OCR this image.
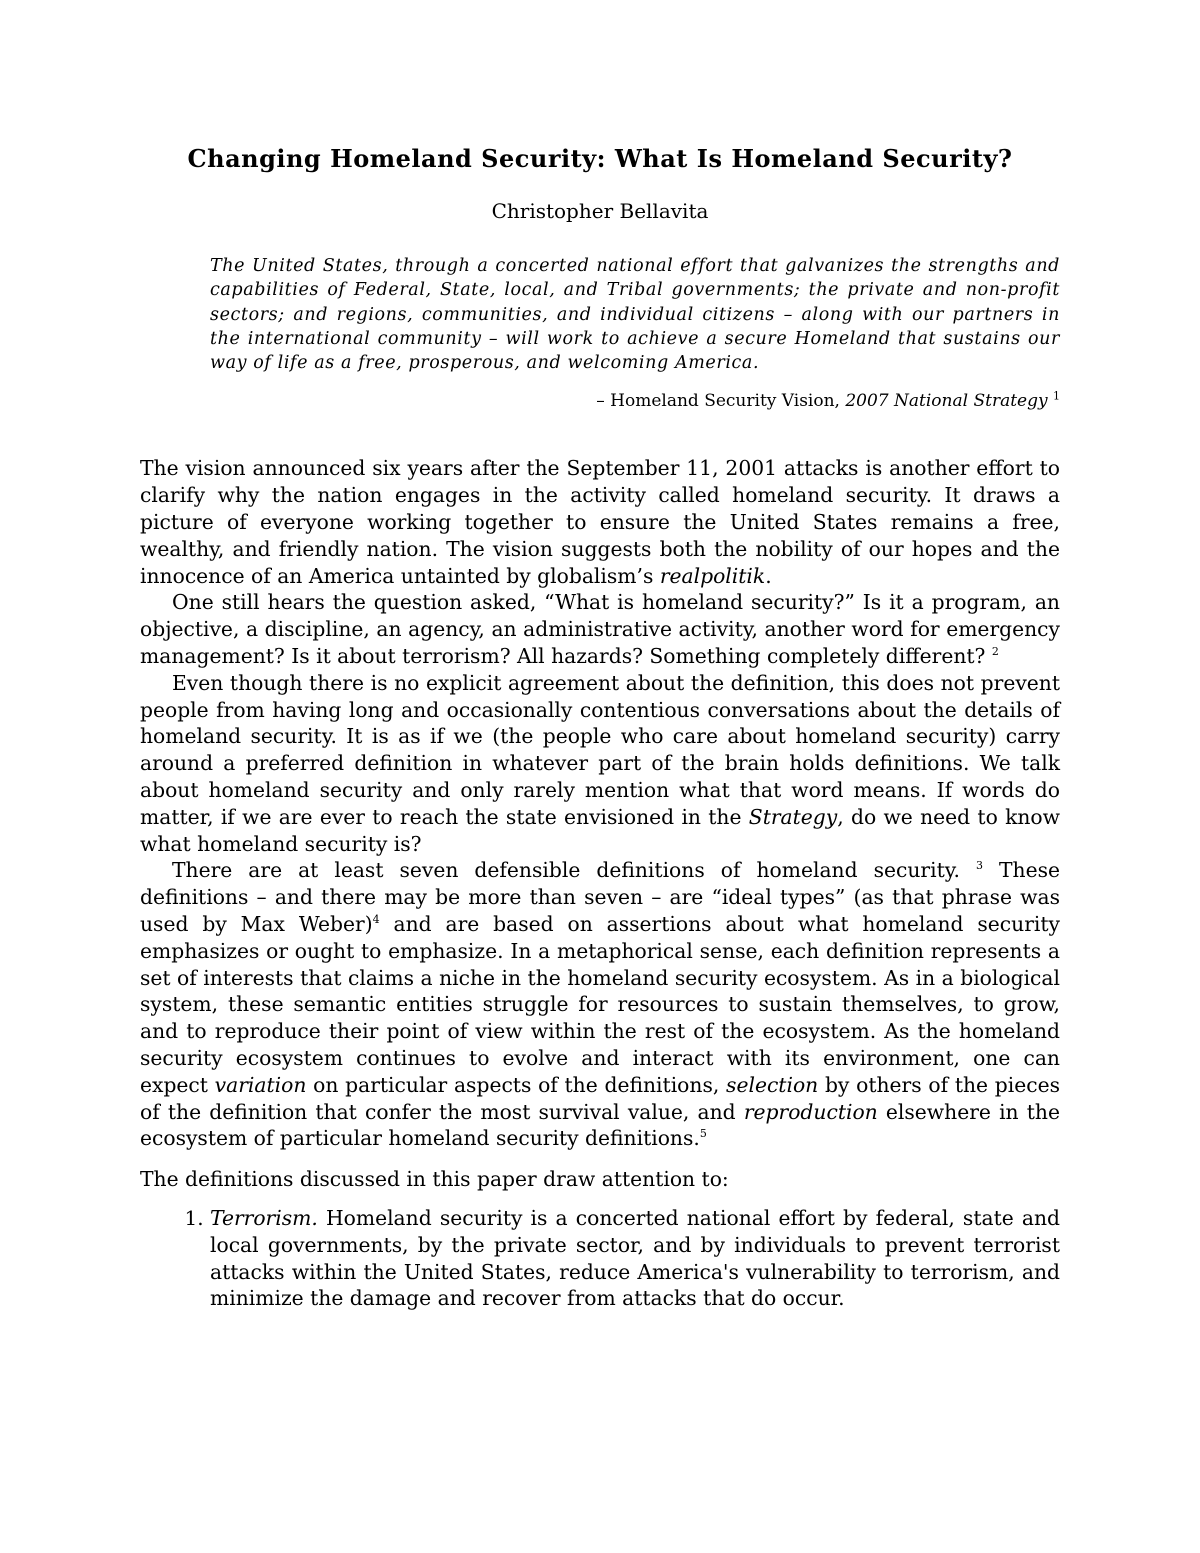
Changing Homeland Security: What Is Homeland Security?
Christopher Bellavita
The United States, through a concerted national effort that galvanizes the strengths and capabilities of Federal, State, local, and Tribal governments; the private and non-profit sectors; and regions, communities, and individual citizens – along with our partners in the international community – will work to achieve a secure Homeland that sustains our way of life as a free, prosperous, and welcoming America.
– Homeland Security Vision, 2007 National Strategy $^1$

The vision announced six years after the September 11, 2001 attacks is another effort to clarify why the nation engages in the activity called homeland security. It draws a picture of everyone working together to ensure the United States remains a free, wealthy, and friendly nation. The vision suggests both the nobility of our hopes and the innocence of an America untainted by globalism’s realpolitik.

One still hears the question asked, “What is homeland security?” Is it a program, an objective, a discipline, an agency, an administrative activity, another word for emergency management? Is it about terrorism? All hazards? Something completely different? $^2$

Even though there is no explicit agreement about the definition, this does not prevent people from having long and occasionally contentious conversations about the details of homeland security. It is as if we (the people who care about homeland security) carry around a preferred definition in whatever part of the brain holds definitions. We talk about homeland security and only rarely mention what that word means. If words do matter, if we are ever to reach the state envisioned in the Strategy, do we need to know what homeland security is?

There are at least seven defensible definitions of homeland security. $^3$ These definitions – and there may be more than seven – are “ideal types” (as that phrase was used by Max Weber)$^4$ and are based on assertions about what homeland security emphasizes or ought to emphasize. In a metaphorical sense, each definition represents a set of interests that claims a niche in the homeland security ecosystem. As in a biological system, these semantic entities struggle for resources to sustain themselves, to grow, and to reproduce their point of view within the rest of the ecosystem. As the homeland security ecosystem continues to evolve and interact with its environment, one can expect variation on particular aspects of the definitions, selection by others of the pieces of the definition that confer the most survival value, and reproduction elsewhere in the ecosystem of particular homeland security definitions.$^5$

The definitions discussed in this paper draw attention to:

1. Terrorism. Homeland security is a concerted national effort by federal, state and local governments, by the private sector, and by individuals to prevent terrorist attacks within the United States, reduce America's vulnerability to terrorism, and minimize the damage and recover from attacks that do occur.
